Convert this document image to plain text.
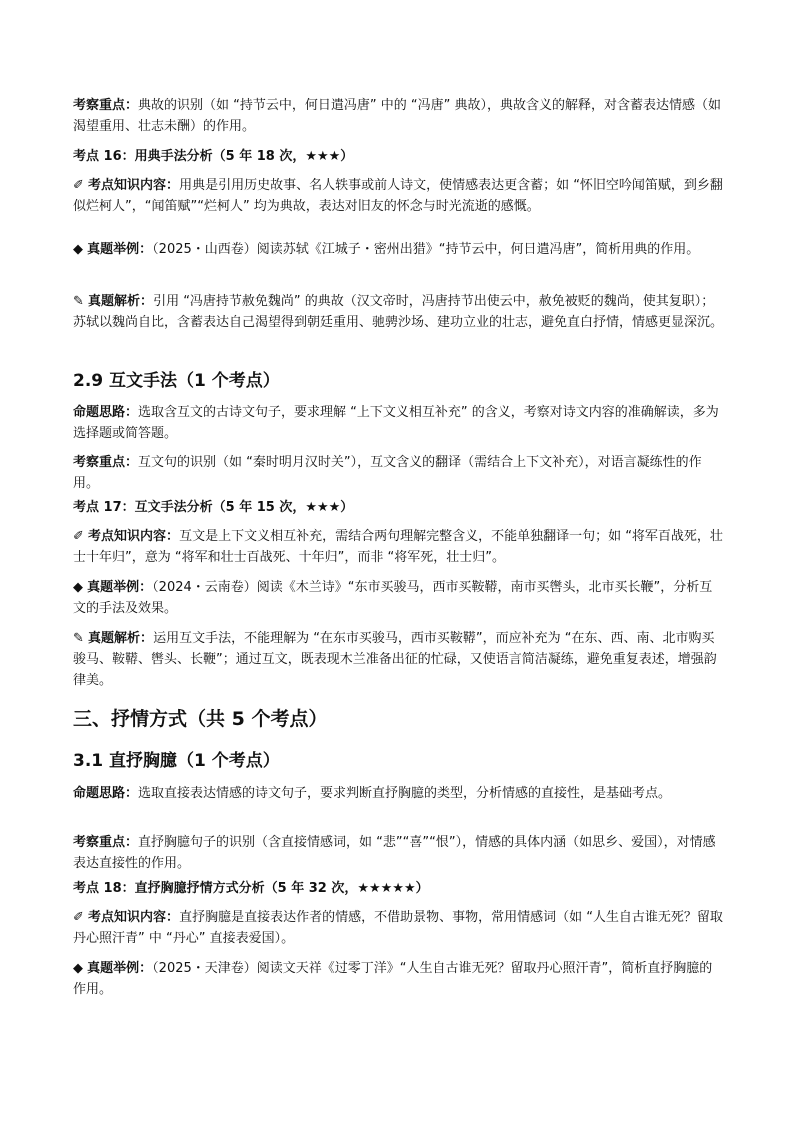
考察重点：典故的识别（如 “持节云中，何日遣冯唐” 中的 “冯唐” 典故），典故含义的解释，对含蓄表达情感（如渴望重用、壮志未酬）的作用。

考点 16：用典手法分析（5 年 18 次，★★★）

✐ 考点知识内容：用典是引用历史故事、名人轶事或前人诗文，使情感表达更含蓄；如 “怀旧空吟闻笛赋，到乡翻似烂柯人”，“闻笛赋”“烂柯人” 均为典故，表达对旧友的怀念与时光流逝的感慨。

◆ 真题举例：（2025・山西卷）阅读苏轼《江城子・密州出猎》“持节云中，何日遣冯唐”，简析用典的作用。

✎ 真题解析：引用 “冯唐持节赦免魏尚” 的典故（汉文帝时，冯唐持节出使云中，赦免被贬的魏尚，使其复职）；苏轼以魏尚自比，含蓄表达自己渴望得到朝廷重用、驰骋沙场、建功立业的壮志，避免直白抒情，情感更显深沉。

2.9 互文手法（1 个考点）

命题思路：选取含互文的古诗文句子，要求理解 “上下文义相互补充” 的含义，考察对诗文内容的准确解读，多为选择题或简答题。

考察重点：互文句的识别（如 “秦时明月汉时关”），互文含义的翻译（需结合上下文补充），对语言凝练性的作用。

考点 17：互文手法分析（5 年 15 次，★★★）

✐ 考点知识内容：互文是上下文义相互补充，需结合两句理解完整含义，不能单独翻译一句；如 “将军百战死，壮士十年归”，意为 “将军和壮士百战死、十年归”，而非 “将军死，壮士归”。

◆ 真题举例：（2024・云南卷）阅读《木兰诗》“东市买骏马，西市买鞍鞯，南市买辔头，北市买长鞭”，分析互文的手法及效果。

✎ 真题解析：运用互文手法，不能理解为 “在东市买骏马，西市买鞍鞯”，而应补充为 “在东、西、南、北市购买骏马、鞍鞯、辔头、长鞭”；通过互文，既表现木兰准备出征的忙碌，又使语言简洁凝练，避免重复表述，增强韵律美。

三、抒情方式（共 5 个考点）

3.1 直抒胸臆（1 个考点）

命题思路：选取直接表达情感的诗文句子，要求判断直抒胸臆的类型，分析情感的直接性，是基础考点。

考察重点：直抒胸臆句子的识别（含直接情感词，如 “悲”“喜”“恨”），情感的具体内涵（如思乡、爱国），对情感表达直接性的作用。

考点 18：直抒胸臆抒情方式分析（5 年 32 次，★★★★★）

✐ 考点知识内容：直抒胸臆是直接表达作者的情感，不借助景物、事物，常用情感词（如 “人生自古谁无死？留取丹心照汗青” 中 “丹心” 直接表爱国）。

◆ 真题举例：（2025・天津卷）阅读文天祥《过零丁洋》“人生自古谁无死？留取丹心照汗青”，简析直抒胸臆的作用。
